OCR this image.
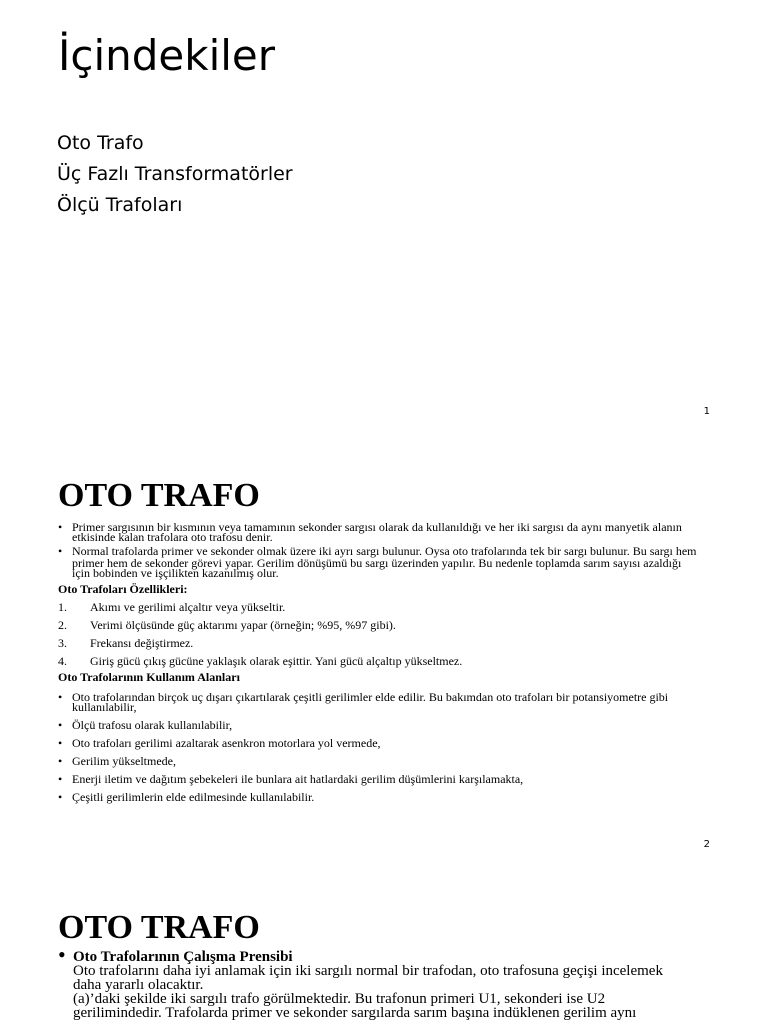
İçindekiler
Oto Trafo
Üç Fazlı Transformatörler
Ölçü Trafoları
1
OTO TRAFO
• Primer sargısının bir kısmının veya tamamının sekonder sargısı olarak da kullanıldığı ve her iki sargısı da aynı manyetik alanın etkisinde kalan trafolara oto trafosu denir.
• Normal trafolarda primer ve sekonder olmak üzere iki ayrı sargı bulunur. Oysa oto trafolarında tek bir sargı bulunur. Bu sargı hem
primer hem de sekonder görevi yapar. Gerilim dönüşümü bu sargı üzerinden yapılır. Bu nedenle toplamda sarım sayısı azaldığı için bobinden ve işçilikten kazanılmış olur.
Oto Trafoları Özellikleri:
1. Akımı ve gerilimi alçaltır veya yükseltir.
2. Verimi ölçüsünde güç aktarımı yapar (örneğin; %95, %97 gibi).
3. Frekansı değiştirmez.
4. Giriş gücü çıkış gücüne yaklaşık olarak eşittir. Yani gücü alçaltıp yükseltmez.
Oto Trafolarının Kullanım Alanları
• Oto trafolarından birçok uç dışarı çıkartılarak çeşitli gerilimler elde edilir. Bu bakımdan oto trafoları bir potansiyometre gibi kullanılabilir,
• Ölçü trafosu olarak kullanılabilir,
• Oto trafoları gerilimi azaltarak asenkron motorlara yol vermede,
• Gerilim yükseltmede,
• Enerji iletim ve dağıtım şebekeleri ile bunlara ait hatlardaki gerilim düşümlerini karşılamakta,
• Çeşitli gerilimlerin elde edilmesinde kullanılabilir.
2
OTO TRAFO
• Oto Trafolarının Çalışma Prensibi
Oto trafolarını daha iyi anlamak için iki sargılı normal bir trafodan, oto trafosuna geçişi incelemek
daha yararlı olacaktır.
(a)’daki şekilde iki sargılı trafo görülmektedir. Bu trafonun primeri U1, sekonderi ise U2
gerilimindedir. Trafolarda primer ve sekonder sargılarda sarım başına indüklenen gerilim aynı
